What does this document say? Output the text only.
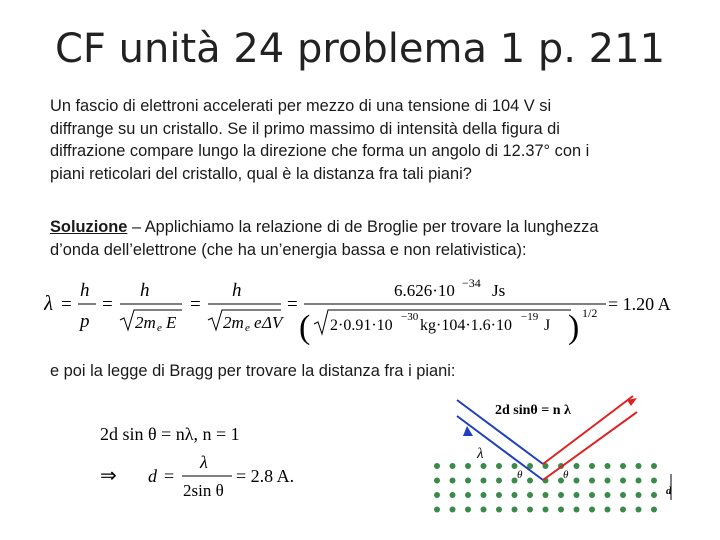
CF unità 24 problema 1 p. 211
Un fascio di elettroni accelerati per mezzo di una tensione di 104 V si
diffrange su un cristallo. Se il primo massimo di intensità della figura di
diffrazione compare lungo la direzione che forma un angolo di 12.37° con i
piani reticolari del cristallo, qual è la distanza fra tali piani?
Soluzione – Applichiamo la relazione di de Broglie per trovare la lunghezza
d’onda dell’elettrone (che ha un’energia bassa e non relativistica):
λ =
h
p
=
h
2m e E
=
h
2m e e ΔV
=
6.626·10 −34 Js
( 2·0.91·10 −30 kg·104·1.6·10 −19 J ) 1/2 = 1.20 A
e poi la legge di Bragg per trovare la distanza fra i piani:
2d sin θ = nλ, n = 1
⇒ d =
λ
2sin θ
= 2.8 A.
2d sinθ = n λ
λ
θ	θ
d
